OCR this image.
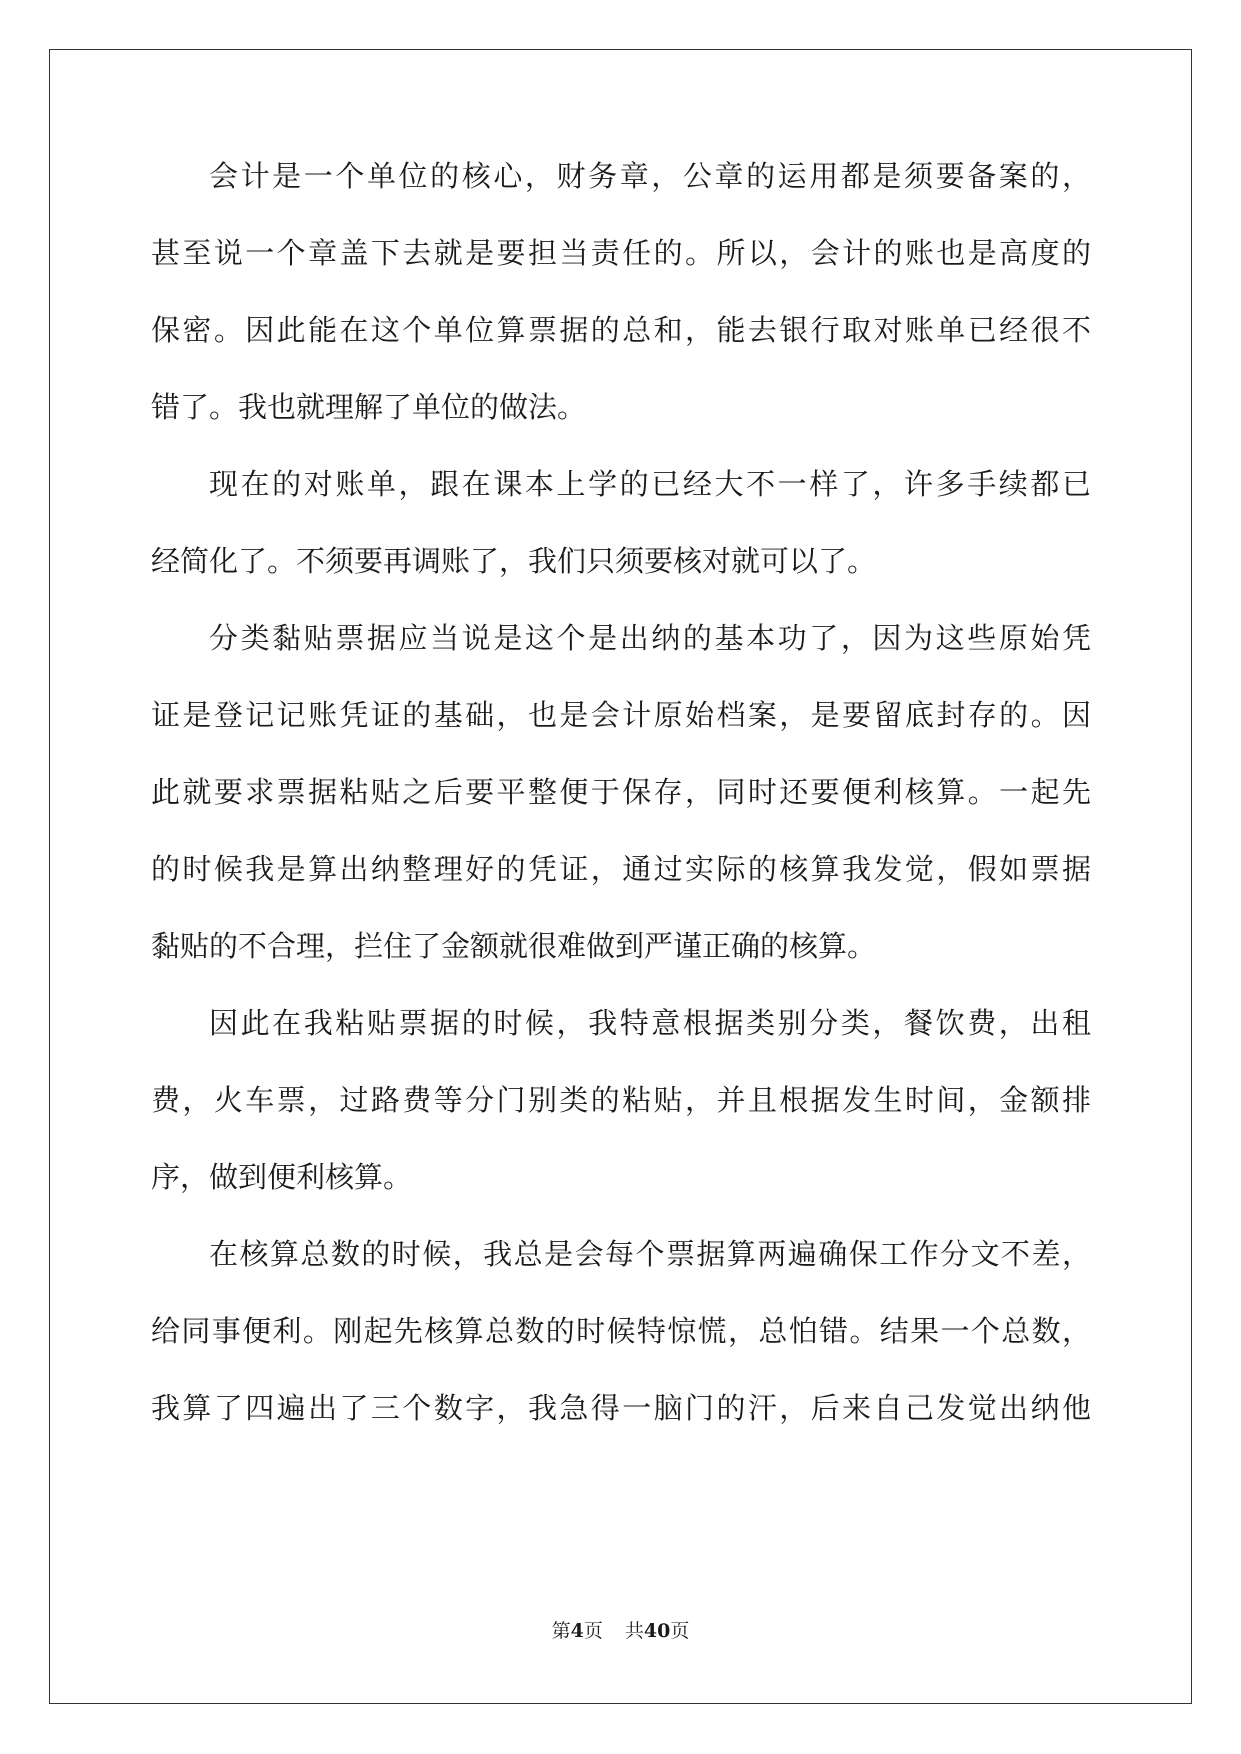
会计是一个单位的核心，财务章，公章的运用都是须要备案的，
甚至说一个章盖下去就是要担当责任的。所以，会计的账也是高度的
保密。因此能在这个单位算票据的总和，能去银行取对账单已经很不
错了。我也就理解了单位的做法。
现在的对账单，跟在课本上学的已经大不一样了，许多手续都已
经简化了。不须要再调账了，我们只须要核对就可以了。
分类黏贴票据应当说是这个是出纳的基本功了，因为这些原始凭
证是登记记账凭证的基础，也是会计原始档案，是要留底封存的。因
此就要求票据粘贴之后要平整便于保存，同时还要便利核算。一起先
的时候我是算出纳整理好的凭证，通过实际的核算我发觉，假如票据
黏贴的不合理，拦住了金额就很难做到严谨正确的核算。
因此在我粘贴票据的时候，我特意根据类别分类，餐饮费，出租
费，火车票，过路费等分门别类的粘贴，并且根据发生时间，金额排
序，做到便利核算。
在核算总数的时候，我总是会每个票据算两遍确保工作分文不差，
给同事便利。刚起先核算总数的时候特惊慌，总怕错。结果一个总数，
我算了四遍出了三个数字，我急得一脑门的汗，后来自己发觉出纳他
第4页 共40页
